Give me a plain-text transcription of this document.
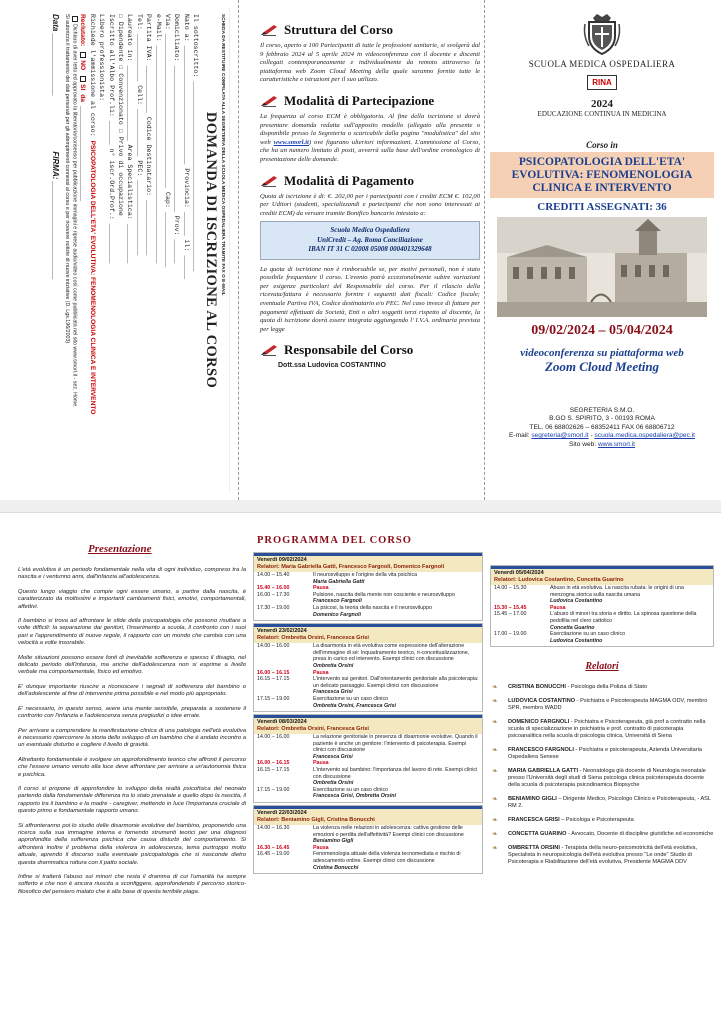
SCHEDA DA RESTITUIRE COMPILATA ALLA SEGRETERIA DELLA SCUOLA MEDICA OSPEDALIERA TRAMITE FAX O E-MAIL
DOMANDA DI ISCRIZIONE AL CORSO
Il sottoscritto: ________________________________________________
Nato a: ______________________________ Provincia: ______ il: ______
Domiciliato: _____________________________________ Prov: ______
Via: _______________________________________ Cap: ______________
e-Mail: _______________________________________________________
Partita IVA: ____________ Codice Destinatario: ______________
Tel: ____________ Cell: ____________ PEC: ___________________
Laureato in: ___________________ Area Specialistica: __________
☐ Dipendente ☐ Convenzionato ☐ Privo di occupazione
Iscritto all'Albo Prof.li: ______ n° iscr.Ord.Prof.: __________
Libero professionista:
Richiede l'ammissione al corso: PSICOPATOLOGIA DELL'ETA' EVOLUTIVA: FENOMENOLOGIA CLINICA E INTERVENTO
Reclutato: NO SI da ________________________
Dichiaro di aver letto ed approvato la liberatoria/consenso per pubblicazione immagini e riprese audio/video così come pubblicata nel sito www.smorl.it - sez. Home.
Si autorizza il trattamento dei dati personali per gli adempimenti connessi al corso e per ricevere notizie di nuove iniziative (D. Lgs.196/2003)
Data ______________                         FIRMA: ______________________
Struttura del Corso
Il corso, aperto a 100 Partecipanti di tutte le professioni sanitarie, si svolgerà dal 9 febbraio 2024 al 5 aprile 2024 in videoconferenza con il docente e discenti collegati contemporaneamente e individualmente da remoto attraverso la piattaforma web Zoom Cloud Meeting della quale saranno fornite tutte le caratteristiche e istruzioni per il suo utilizzo.
Modalità di Partecipazione
La frequenza al corso ECM è obbligatoria. Al fine della iscrizione si dovrà presentare domanda redatta sull'apposito modello (allegato alla presente o disponibile presso la Segreteria o scaricabile dalla pagina "modulistica" del sito web www.smorl.it) ove figurano ulteriori informazioni. L'ammissione al Corso, che ha un numero limitato di posti, avverrà sulla base dell'ordine cronologico di presentazione delle domande.
Modalità di Pagamento
Quota di iscrizione è di: €. 202,00 per i partecipanti con i crediti ECM €. 102,00 per Uditori (studenti, specializzandi e partecipanti che non sono interessati ai crediti ECM) da versare tramite Bonifico bancario intestato a:
Scuola Medica Ospedaliera
UniCredit – Ag. Roma Conciliazione
IBAN IT 31 C 02008 05008 000401329648
La quota di iscrizione non è rimborsabile se, per motivi personali, non è stato possibile frequentare il corso. L'evento potrà eccezionalmente subire variazioni per esigenze particolari del Responsabile del corso. Per il rilascio della ricevuta/fattura è necessario fornire i seguenti dati fiscali: Codice fiscale; eventuale Partiva IVA, Codice destinatario e/o PEC. Nel caso invece di fatture per pagamenti effettuati da Società, Enti o altri soggetti terzi rispetto al discente, la quota di iscrizione dovrà essere integrata aggiungendo l' I.V.A. ordinaria prevista per legge
Responsabile del Corso
Dott.ssa Ludovica COSTANTINO
SCUOLA MEDICA OSPEDALIERA
RINA
2024
EDUCAZIONE CONTINUA IN MEDICINA
Corso in
PSICOPATOLOGIA DELL'ETA'
EVOLUTIVA: FENOMENOLOGIA
CLINICA E INTERVENTO
CREDITI ASSEGNATI: 36
09/02/2024 – 05/04/2024
videoconferenza su piattaforma web
Zoom Cloud Meeting
SEGRETERIA S.M.O.
B.GO S. SPIRITO, 3 - 00193 ROMA
TEL. 06 68802626 – 68352411 FAX 06 68806712
E-mail: segreteria@smorl.it - scuola.medica.ospedaliera@pec.it
Sito web: www.smorl.it
Presentazione

L'età evolutiva è un periodo fondamentale nella vita di ogni individuo, compreso tra la nascita e i ventunno anni, dall'infanzia all'adolescenza.

Questo lungo viaggio che compie ogni essere umano, a partire dalla nascita, è caratterizzato da moltissimi e importanti cambiamenti fisici, emotivi, comportamentali, affettivi.

Il bambino si trova ad affrontare le sfide della psicopatologia che possono risultare a volte difficili: la separazione dai genitori, l'inserimento a scuola, il confronto con i suoi pari e l'apprendimento di nuove regole, il rapporto con un mondo che cambia con una velocità a volte insorabile.

Molte situazioni possono essere fonti di inevitabile sofferenza e spesso il disagio, nel delicato periodo dell'infanzia, ma anche dell'adolescenza non si esprime a livello verbale ma comportamentale, fisico ed emotivo.

E' dunque importante riuscire a riconoscere i segnali di sofferenza del bambino o dell'adolescente al fine di intervenire prima possibile e nel modo più appropriato.

E' necessario, in questo senso, avere una mente sensibile, preparata a sostenere il confronto con l'infanzia e l'adolescenza senza pregiudizi o idee errate.

Per arrivare a comprendere la manifestazione clinica di una patologia nell'età evolutiva è necessario ripercorrere la storia dello sviluppo di un bambino che è andato incontro a un eventuale disturbo e cogliere il livello di gravità.

Altrettanto fondamentale è svolgere un approfondimento teorico che affronti il percorso che l'essere umano venuto alla luce deve affrontare per arrivare a un'autonomia fisica e psichica.

Il corso si propone di approfondire lo sviluppo della realtà psicofisica del neonato partendo dalla fondamentale differenza tra lo stato prenatale e quello dopo la nascita, il rapporto tra il bambino e la madre - caregiver, mettendo in luce l'importanza cruciale di questo primo e fondamentale rapporto umano.

Si affronteranno poi lo studio delle disarmonie evolutive del bambino, proponendo una ricerca sulla sua immagine interna e fornendo strumenti teorici per una diagnosi approfondita della sofferenza psichica che causa disturbi del comportamento. Si affronterà inoltre il problema della violenza in adolescenza, tema purtroppo molto attuale, aprendo il discorso sulla eventuale psicopatologia che si nasconde dietro questa drammatica rottura con il patto sociale.

Infine si tratterà l'abuso sui minori che resta il dramma di cui l'umanità ha sempre sofferto e che non è ancora riuscita a sconfiggere, approfondendo il percorso storico-filosofico del pensiero malato che è alla base di questa terribile piaga.

PROGRAMMA DEL CORSO
Venerdì 09/02/2024
Relatori: Maria Gabriella Gatti, Francesco Fargnoli, Domenico Fargnoli
14.00 – 15.40	Il neurosviluppo e l'origine della vita psichica
Maria Gabriella Gatti
15.40 – 16.00	Pausa
16.00 – 17.30	Pulsione, nascita della mente non cosciente e neurosviluppo
Francesco Fargnoli
17.30 – 19.00	La psicosi, la teoria della nascita e il neurosviluppo
Domenico Fargnoli
Venerdì 23/02/2024
Relatori: Ombretta Orsini, Francesca Grisi
14.00 – 16.00	La disarmonia in età evolutiva come espressione dell'alterazione dell'immagine di sé: Inquadramento teorico, ri-concettualizzazione, presa in carico ed intervento. Esempi clinici con discussione
Ombretta Orsini
16.00 – 16.15	Pausa
16.15 – 17.15	L'intervento sui genitori. Dall'orientamento genitoriale alla psicoterapia: un delicato passaggio. Esempi clinici con discussione
Francesca Grisi
17.15 – 19.00	Esercitazione su un caso clinico
Ombretta Orsini, Francesca Grisi
Venerdì 08/03/2024
Relatori: Ombretta Orsini, Francesca Grisi
14.00 – 16.00	La relazione genitoriale in presenza di disarmonie evolutive. Quando il paziente è anche un genitore: l'intervento di psicoterapia. Esempi clinici con discussione
Francesca Grisi
16.00 – 16.15	Pausa
16.15 – 17.15	L'intervento sul bambino: l'importanza del lavoro di rete. Esempi clinici con discussione
Ombretta Orsini
17.15 – 19.00	Esercitazione su un caso clinico
Francesca Grisi, Ombretta Orsini
Venerdì 22/03/2024
Relatori: Beniamino Gigli, Cristina Bonucchi
14.00 – 16.30	La violenza nelle relazioni in adolescenza: cattiva gestione delle emozioni o perdita dell'affettività? Esempi clinici con discussione
Beniamino Gigli
16.30 – 16.45	Pausa
16.45 – 19.00	Fenomenologia attuale della violenza tecnomediata e rischio di adescamento online. Esempi clinici con discussione
Cristina Bonucchi
Venerdì 05/04/2024
Relatori: Ludovica Costantino, Concetta Guarino
14.00 – 15.30	Abuso in età evolutiva. La nascita rubata: le origini di una menzogna storica sulla nascita umana
Ludovica Costantino
15.30 – 15.45	Pausa
15.45 – 17.00	L'abuso di minori tra storia e diritto. La spinosa questione della pedofilia nel clero cattolico
Concetta Guarino
17.00 – 19.00	Esercitazione su un caso clinico
Ludovica Costantino
Relatori
❧	CRISTINA BONUCCHI - Psicologa della Polizia di Stato
❧	LUDOVICA COSTANTINO - Psichiatra e Psicoterapeuta MAGMA ODV, membro SPR, membro WADD
❧	DOMENICO FARGNOLI - Psichiatra e Psicoterapeuta, già prof a contratto nella scuola di specializzazione in psichiatria e prof. contratto di psicoterapia psicoanalitica nella scuola di psicologia clinica, Università di Siena
❧	FRANCESCO FARGNOLI - Psichiatra e psicoterapeuta, Azienda Universitaria Ospedaliera Senese
❧	MARIA GABRIELLA GATTI - Neonatologa già docente di Neurologia neonatale presso l'Università degli studi di Siena psicologa clinica psicoterapeuta docente della scuola di psicoterapia psicodinamica Biopsyche
❧	BENIAMINO GIGLI – Dirigente Medico, Psicologo Clinico e Psicoterapeuta, - ASL RM 2.
❧	FRANCESCA GRISI – Psicologa e Psicoterapeuta
❧	CONCETTA GUARINO - Avvocato, Docente di discipline giuridiche ed economiche
❧	OMBRETTA ORSINI - Terapista della neuro-psicomotricità dell'età evolutiva, Specialista in neuropsicologia dell'età evolutiva presso "Le onde" Studio di Psicoterapia e Riabilitazione dell'età evolutiva, Presidente MAGMA ODV
